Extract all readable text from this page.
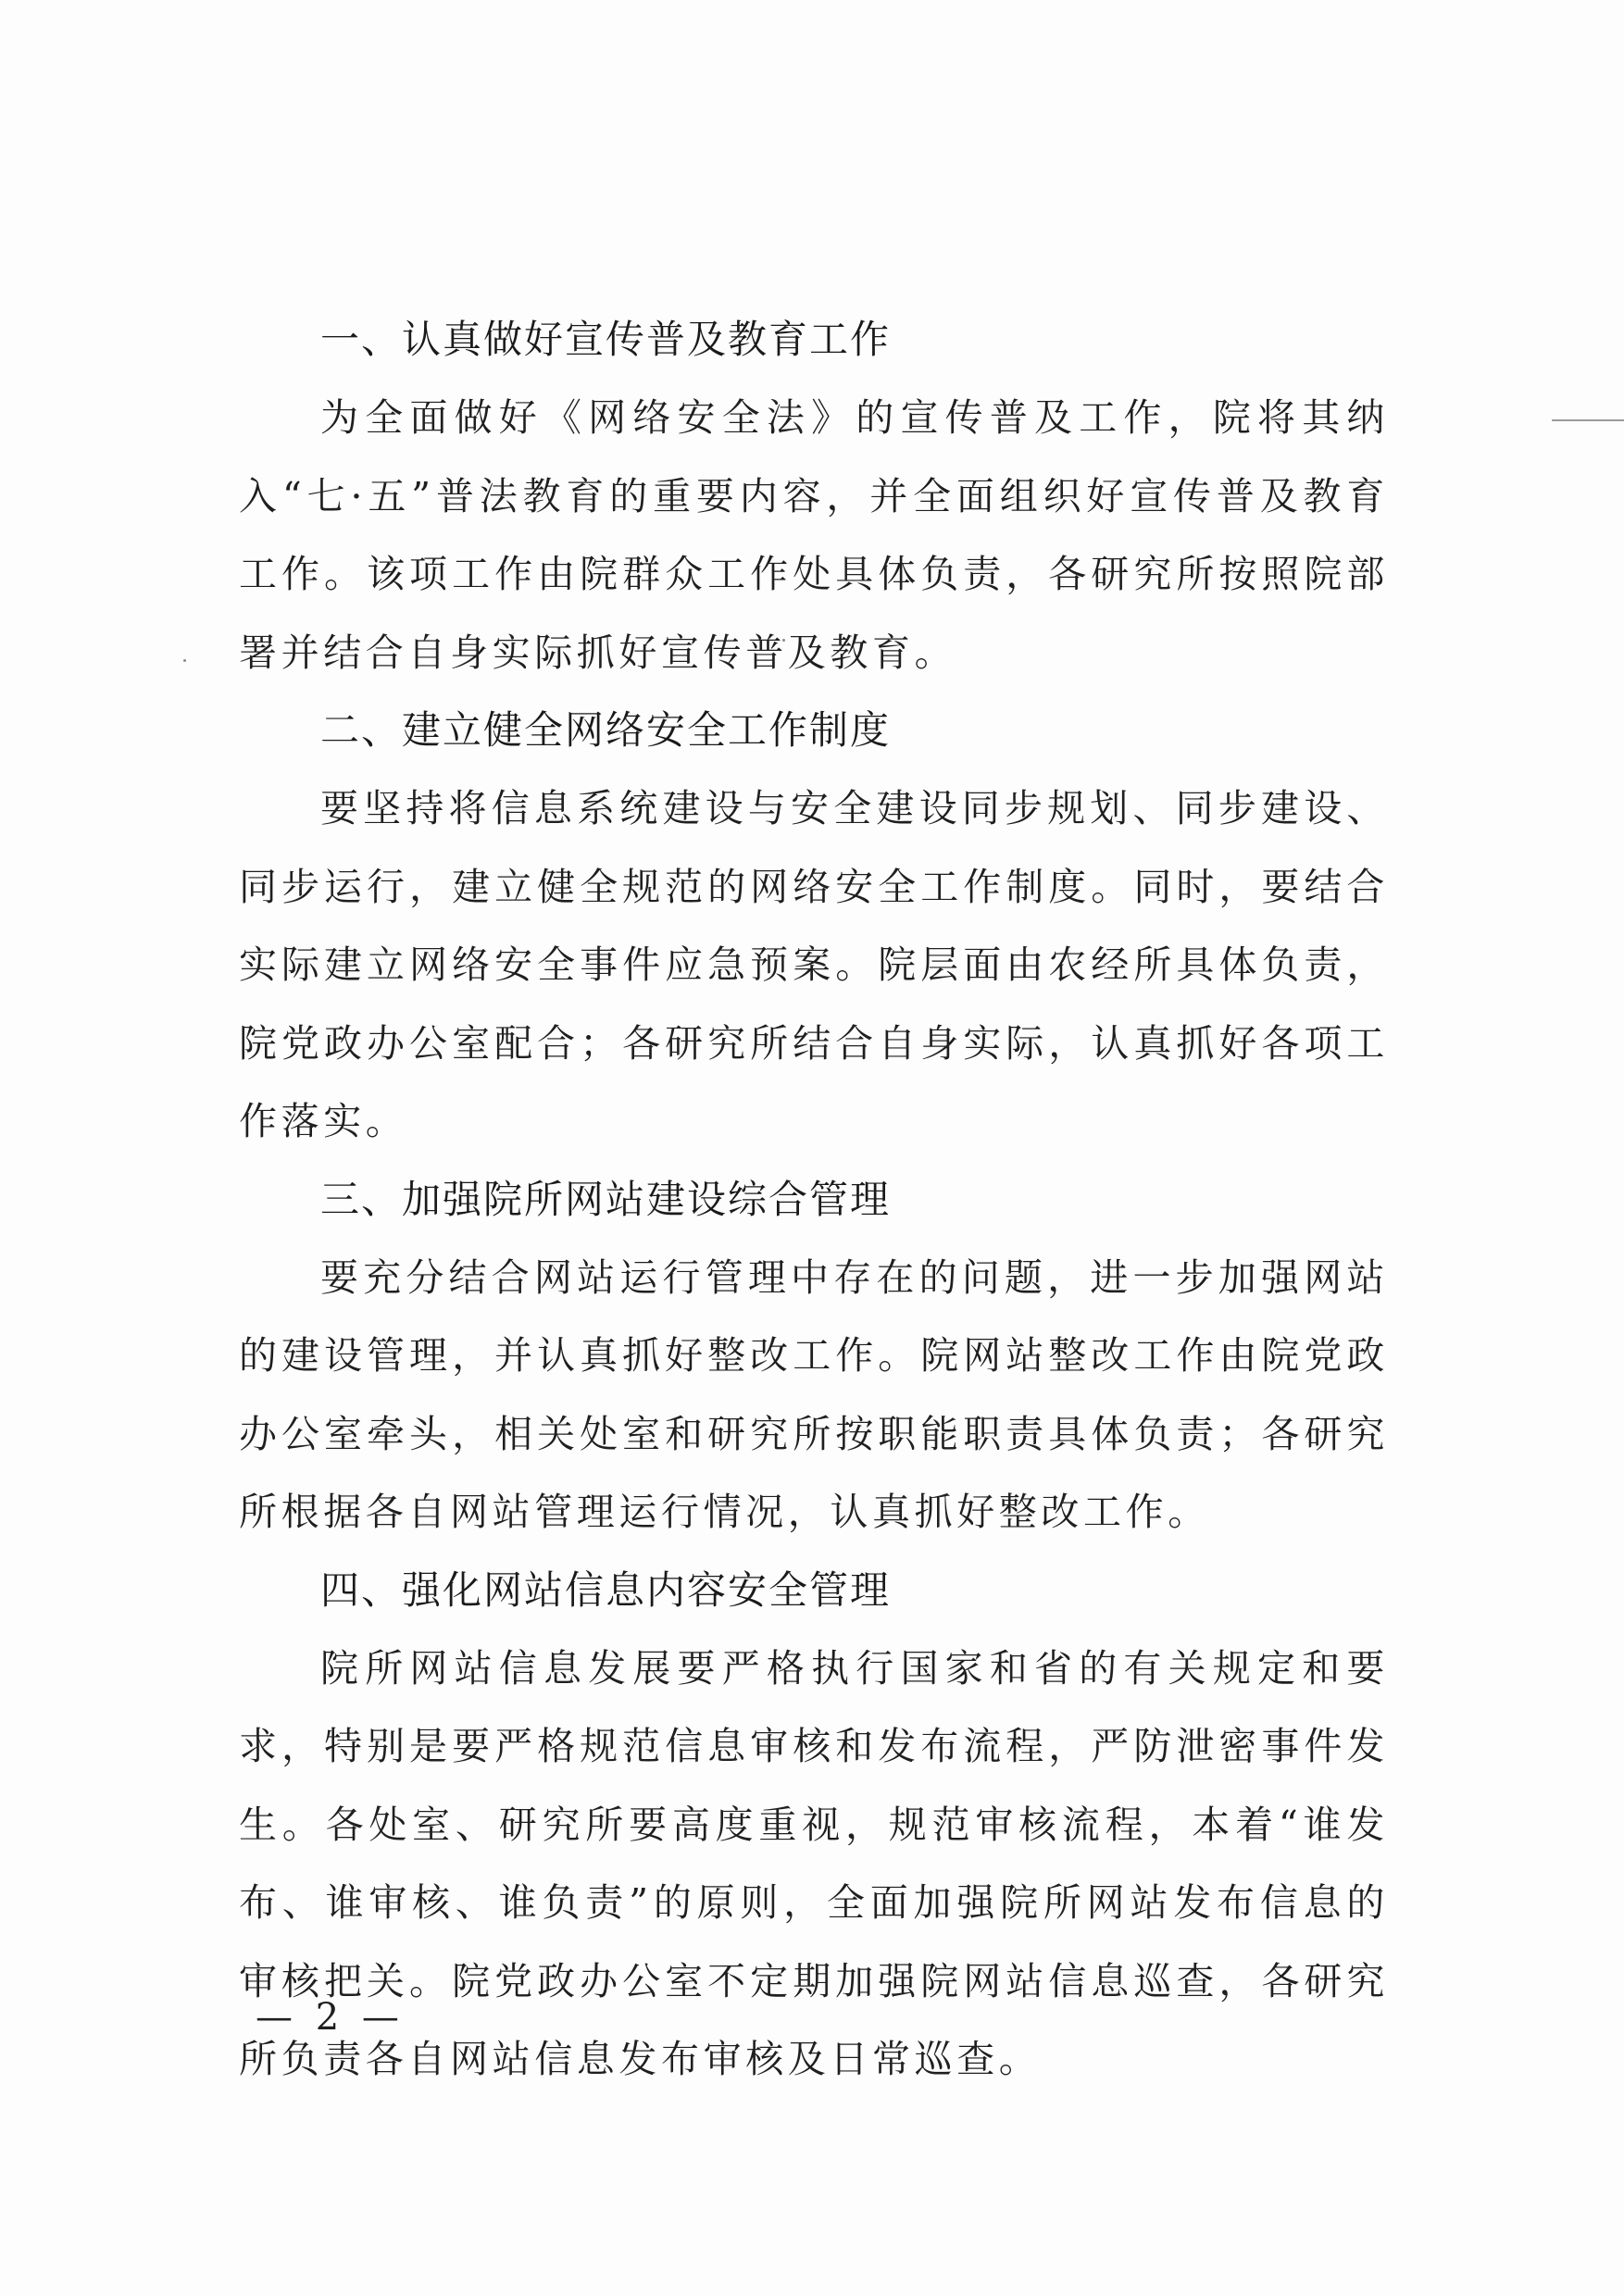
一、认真做好宣传普及教育工作

为全面做好《网络安全法》的宣传普及工作，院将其纳入“七·五”普法教育的重要内容，并全面组织好宣传普及教育工作。该项工作由院群众工作处具体负责，各研究所按照院部署并结合自身实际抓好宣传普及教育。

二、建立健全网络安全工作制度

要坚持将信息系统建设与安全建设同步规划、同步建设、同步运行，建立健全规范的网络安全工作制度。同时，要结合实际建立网络安全事件应急预案。院层面由农经所具体负责，院党政办公室配合；各研究所结合自身实际，认真抓好各项工作落实。

三、加强院所网站建设综合管理

要充分结合网站运行管理中存在的问题，进一步加强网站的建设管理，并认真抓好整改工作。院网站整改工作由院党政办公室牵头，相关处室和研究所按职能职责具体负责；各研究所根据各自网站管理运行情况，认真抓好整改工作。

四、强化网站信息内容安全管理

院所网站信息发展要严格执行国家和省的有关规定和要求，特别是要严格规范信息审核和发布流程，严防泄密事件发生。各处室、研究所要高度重视，规范审核流程，本着“谁发布、谁审核、谁负责”的原则，全面加强院所网站发布信息的审核把关。院党政办公室不定期加强院网站信息巡查，各研究所负责各自网站信息发布审核及日常巡查。

— 2 —
